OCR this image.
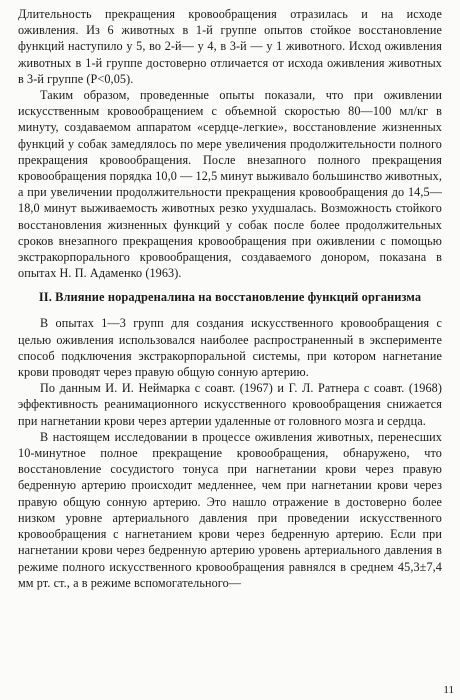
Длительность прекращения кровообращения отразилась и на исходе оживления. Из 6 животных в 1-й группе опытов стойкое восстановление функций наступило у 5, во 2-й— у 4, в 3-й — у 1 животного. Исход оживления животных в 1-й группе достоверно отличается от исхода оживления животных в 3-й группе (Р<0,05).

Таким образом, проведенные опыты показали, что при оживлении искусственным кровообращением с объемной скоростью 80—100 мл/кг в минуту, создаваемом аппаратом «сердце-легкие», восстановление жизненных функций у собак замедлялось по мере увеличения продолжительности полного прекращения кровообращения. После внезапного полного прекращения кровообращения порядка 10,0 — 12,5 минут выживало большинство животных, а при увеличении продолжительности прекращения кровообращения до 14,5—18,0 минут выживаемость животных резко ухудшалась. Возможность стойкого восстановления жизненных функций у собак после более продолжительных сроков внезапного прекращения кровообращения при оживлении с помощью экстракорпорального кровообращения, создаваемого донором, показана в опытах Н. П. Адаменко (1963).

II. Влияние норадреналина на восстановление функций организма

В опытах 1—3 групп для создания искусственного кровообращения с целью оживления использовался наиболее распространенный в эксперименте способ подключения экстракорпоральной системы, при котором нагнетание крови проводят через правую общую сонную артерию.

По данным И. И. Неймарка с соавт. (1967) и Г. Л. Ратнера с соавт. (1968) эффективность реанимационного искусственного кровообращения снижается при нагнетании крови через артерии удаленные от головного мозга и сердца.

В настоящем исследовании в процессе оживления животных, перенесших 10-минутное полное прекращение кровообращения, обнаружено, что восстановление сосудистого тонуса при нагнетании крови через правую бедренную артерию происходит медленнее, чем при нагнетании крови через правую общую сонную артерию. Это нашло отражение в достоверно более низком уровне артериального давления при проведении искусственного кровообращения с нагнетанием крови через бедренную артерию. Если при нагнетании крови через бедренную артерию уровень артериального давления в режиме полного искусственного кровообращения равнялся в среднем 45,3±7,4 мм рт. ст., а в режиме вспомогательного—

11
